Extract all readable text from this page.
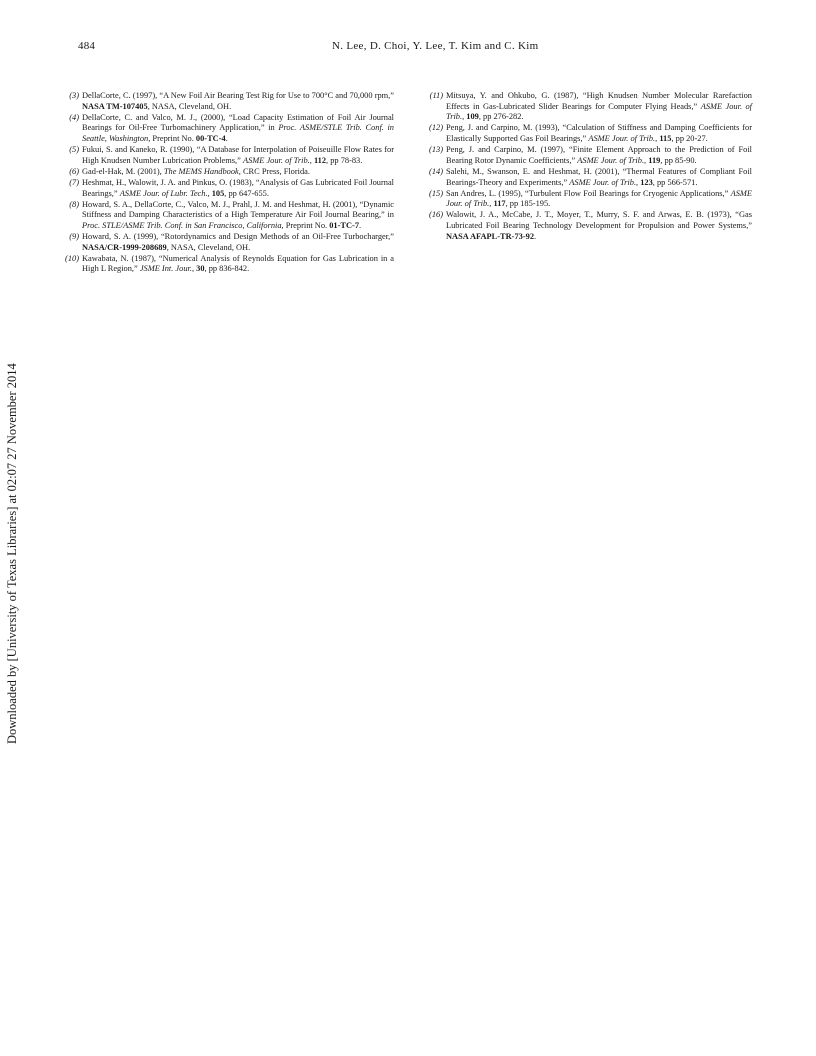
484	N. Lee, D. Choi, Y. Lee, T. Kim and C. Kim
Downloaded by [University of Texas Libraries] at 02:07 27 November 2014
(3) DellaCorte, C. (1997), “A New Foil Air Bearing Test Rig for Use to 700°C and 70,000 rpm,” NASA TM-107405, NASA, Cleveland, OH.
(4) DellaCorte, C. and Valco, M. J., (2000), “Load Capacity Estimation of Foil Air Journal Bearings for Oil-Free Turbomachinery Application,” in Proc. ASME/STLE Trib. Conf. in Seattle, Washington, Preprint No. 00-TC-4.
(5) Fukui, S. and Kaneko, R. (1990), “A Database for Interpolation of Poiseuille Flow Rates for High Knudsen Number Lubrication Problems,” ASME Jour. of Trib., 112, pp 78-83.
(6) Gad-el-Hak, M. (2001), The MEMS Handbook, CRC Press, Florida.
(7) Heshmat, H., Walowit, J. A. and Pinkus, O. (1983), “Analysis of Gas Lubricated Foil Journal Bearings,” ASME Jour. of Lubr. Tech., 105, pp 647-655.
(8) Howard, S. A., DellaCorte, C., Valco, M. J., Prahl, J. M. and Heshmat, H. (2001), “Dynamic Stiffness and Damping Characteristics of a High Temperature Air Foil Journal Bearing,” in Proc. STLE/ASME Trib. Conf. in San Francisco, California, Preprint No. 01-TC-7.
(9) Howard, S. A. (1999), “Rotordynamics and Design Methods of an Oil-Free Turbocharger,” NASA/CR-1999-208689, NASA, Cleveland, OH.
(10) Kawabata, N. (1987), “Numerical Analysis of Reynolds Equation for Gas Lubrication in a High L Region,” JSME Int. Jour., 30, pp 836-842.
(11) Mitsuya, Y. and Ohkubo, G. (1987), “High Knudsen Number Molecular Rarefaction Effects in Gas-Lubricated Slider Bearings for Computer Flying Heads,” ASME Jour. of Trib., 109, pp 276-282.
(12) Peng, J. and Carpino, M. (1993), “Calculation of Stiffness and Damping Coefficients for Elastically Supported Gas Foil Bearings,” ASME Jour. of Trib., 115, pp 20-27.
(13) Peng, J. and Carpino, M. (1997), “Finite Element Approach to the Prediction of Foil Bearing Rotor Dynamic Coefficients,” ASME Jour. of Trib., 119, pp 85-90.
(14) Salehi, M., Swanson, E. and Heshmat, H. (2001), “Thermal Features of Compliant Foil Bearings-Theory and Experiments,” ASME Jour. of Trib., 123, pp 566-571.
(15) San Andres, L. (1995), “Turbulent Flow Foil Bearings for Cryogenic Applications,” ASME Jour. of Trib., 117, pp 185-195.
(16) Walowit, J. A., McCabe, J. T., Moyer, T., Murry, S. F. and Arwas, E. B. (1973), “Gas Lubricated Foil Bearing Technology Development for Propulsion and Power Systems,” NASA AFAPL-TR-73-92.
